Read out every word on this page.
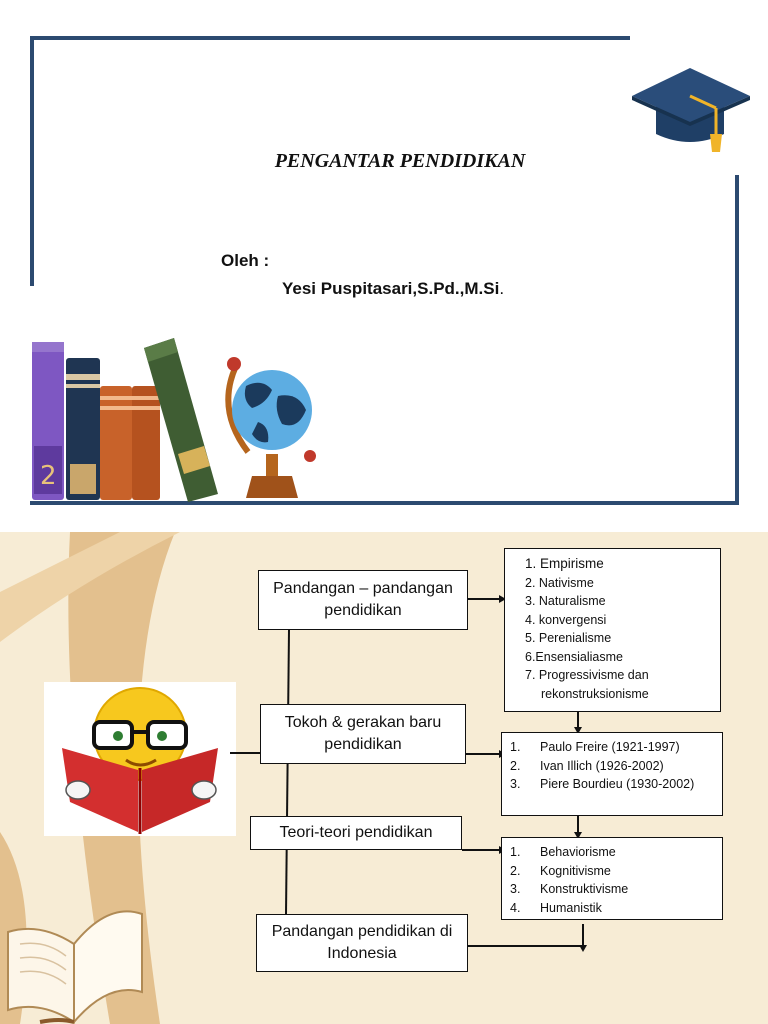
PENGANTAR PENDIDIKAN
Oleh :
Yesi Puspitasari,S.Pd.,M.Si.
2
Pandangan – pandangan pendidikan
Tokoh & gerakan baru pendidikan
Teori-teori pendidikan
Pandangan pendidikan di Indonesia
1. Empirisme
2. Nativisme
3. Naturalisme
4. konvergensi
5. Perenialisme
6.Ensensialiasme
7. Progressivisme dan
rekonstruksionisme
1.	Paulo Freire (1921-1997)
2.	Ivan Illich (1926-2002)
3.	Piere Bourdieu (1930-2002)
1.	Behaviorisme
2.	Kognitivisme
3.	Konstruktivisme
4.	Humanistik
